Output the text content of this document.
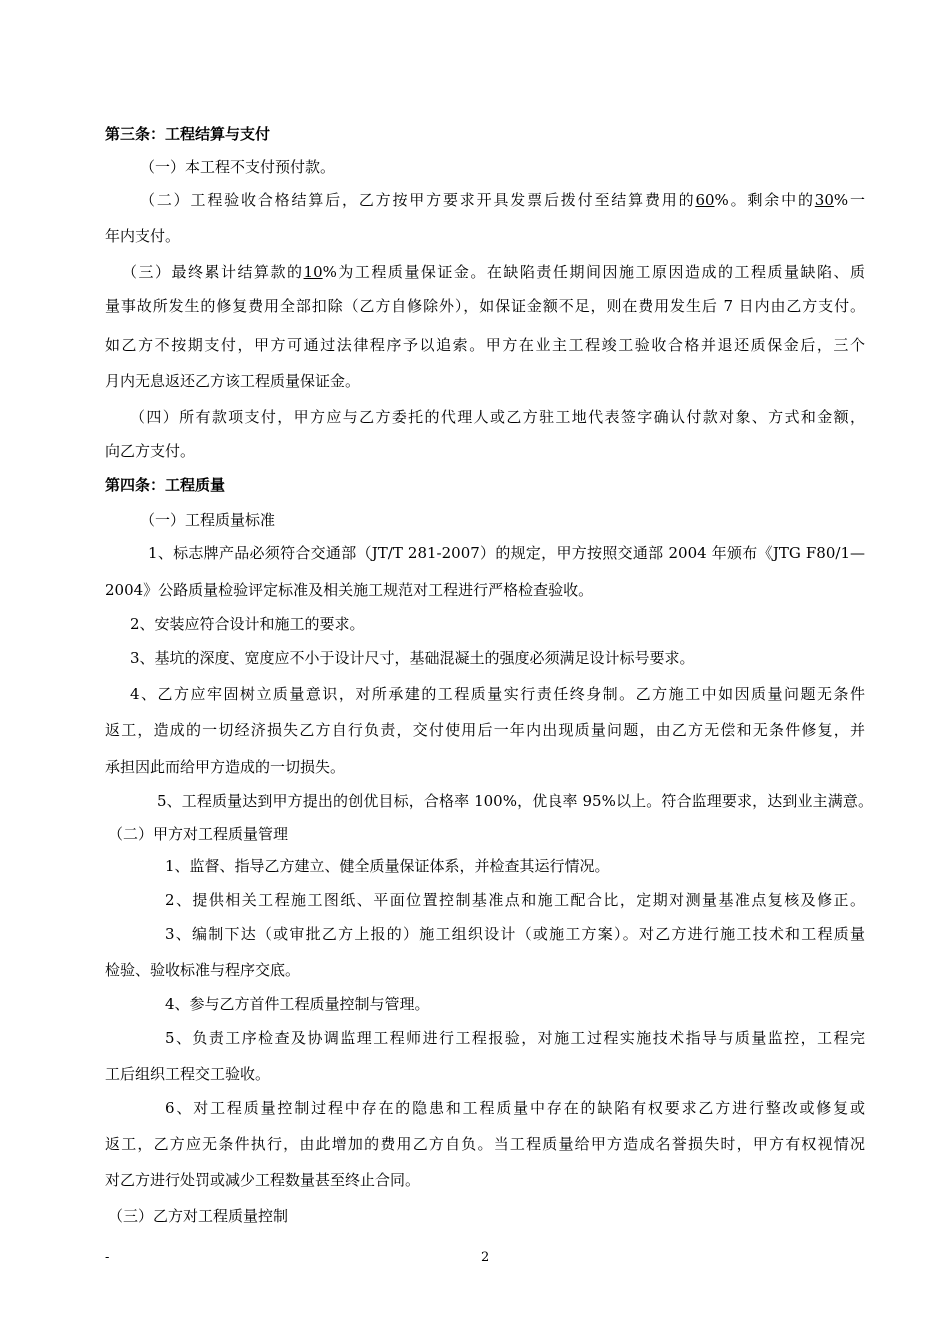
第三条：工程结算与支付
（一）本工程不支付预付款。
（二）工程验收合格结算后，乙方按甲方要求开具发票后拨付至结算费用的60%。剩余中的30%一
年内支付。
（三）最终累计结算款的10%为工程质量保证金。在缺陷责任期间因施工原因造成的工程质量缺陷、质
量事故所发生的修复费用全部扣除（乙方自修除外），如保证金额不足，则在费用发生后 7 日内由乙方支付。
如乙方不按期支付，甲方可通过法律程序予以追索。甲方在业主工程竣工验收合格并退还质保金后，三个
月内无息返还乙方该工程质量保证金。
（四）所有款项支付，甲方应与乙方委托的代理人或乙方驻工地代表签字确认付款对象、方式和金额，
向乙方支付。
第四条：工程质量
（一）工程质量标准
1、标志牌产品必须符合交通部（JT/T 281-2007）的规定，甲方按照交通部 2004 年颁布《JTG F80/1—
2004》公路质量检验评定标准及相关施工规范对工程进行严格检查验收。
2、安装应符合设计和施工的要求。
3、基坑的深度、宽度应不小于设计尺寸，基础混凝土的强度必须满足设计标号要求。
4、乙方应牢固树立质量意识，对所承建的工程质量实行责任终身制。乙方施工中如因质量问题无条件
返工，造成的一切经济损失乙方自行负责，交付使用后一年内出现质量问题，由乙方无偿和无条件修复，并
承担因此而给甲方造成的一切损失。
5、工程质量达到甲方提出的创优目标，合格率 100%，优良率 95%以上。符合监理要求，达到业主满意。
（二）甲方对工程质量管理
1、监督、指导乙方建立、健全质量保证体系，并检查其运行情况。
2、提供相关工程施工图纸、平面位置控制基准点和施工配合比，定期对测量基准点复核及修正。
3、编制下达（或审批乙方上报的）施工组织设计（或施工方案）。对乙方进行施工技术和工程质量
检验、验收标准与程序交底。
4、参与乙方首件工程质量控制与管理。
5、负责工序检查及协调监理工程师进行工程报验，对施工过程实施技术指导与质量监控，工程完
工后组织工程交工验收。
6、对工程质量控制过程中存在的隐患和工程质量中存在的缺陷有权要求乙方进行整改或修复或
返工，乙方应无条件执行，由此增加的费用乙方自负。当工程质量给甲方造成名誉损失时，甲方有权视情况
对乙方进行处罚或减少工程数量甚至终止合同。
（三）乙方对工程质量控制
-	2
